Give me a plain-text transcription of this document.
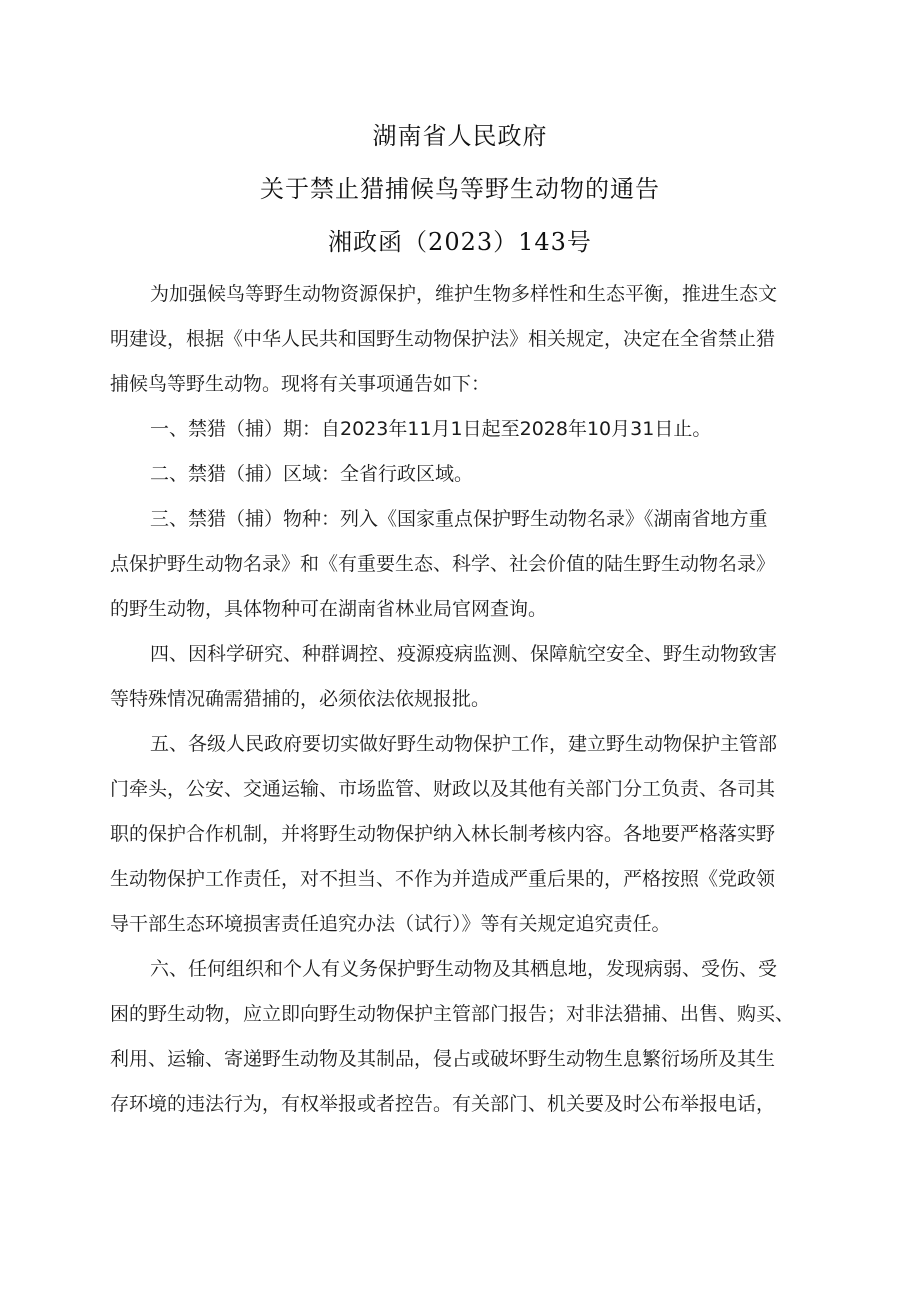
湖南省人民政府
关于禁止猎捕候鸟等野生动物的通告
湘政函（2023）143号
为加强候鸟等野生动物资源保护，维护生物多样性和生态平衡，推进生态文
明建设，根据《中华人民共和国野生动物保护法》相关规定，决定在全省禁止猎
捕候鸟等野生动物。现将有关事项通告如下：
一、禁猎（捕）期：自2023年11月1日起至2028年10月31日止。
二、禁猎（捕）区域：全省行政区域。
三、禁猎（捕）物种：列入《国家重点保护野生动物名录》《湖南省地方重
点保护野生动物名录》和《有重要生态、科学、社会价值的陆生野生动物名录》
的野生动物，具体物种可在湖南省林业局官网查询。
四、因科学研究、种群调控、疫源疫病监测、保障航空安全、野生动物致害
等特殊情况确需猎捕的，必须依法依规报批。
五、各级人民政府要切实做好野生动物保护工作，建立野生动物保护主管部
门牵头，公安、交通运输、市场监管、财政以及其他有关部门分工负责、各司其
职的保护合作机制，并将野生动物保护纳入林长制考核内容。各地要严格落实野
生动物保护工作责任，对不担当、不作为并造成严重后果的，严格按照《党政领
导干部生态环境损害责任追究办法（试行）》等有关规定追究责任。
六、任何组织和个人有义务保护野生动物及其栖息地，发现病弱、受伤、受
困的野生动物，应立即向野生动物保护主管部门报告；对非法猎捕、出售、购买、
利用、运输、寄递野生动物及其制品，侵占或破坏野生动物生息繁衍场所及其生
存环境的违法行为，有权举报或者控告。有关部门、机关要及时公布举报电话，
